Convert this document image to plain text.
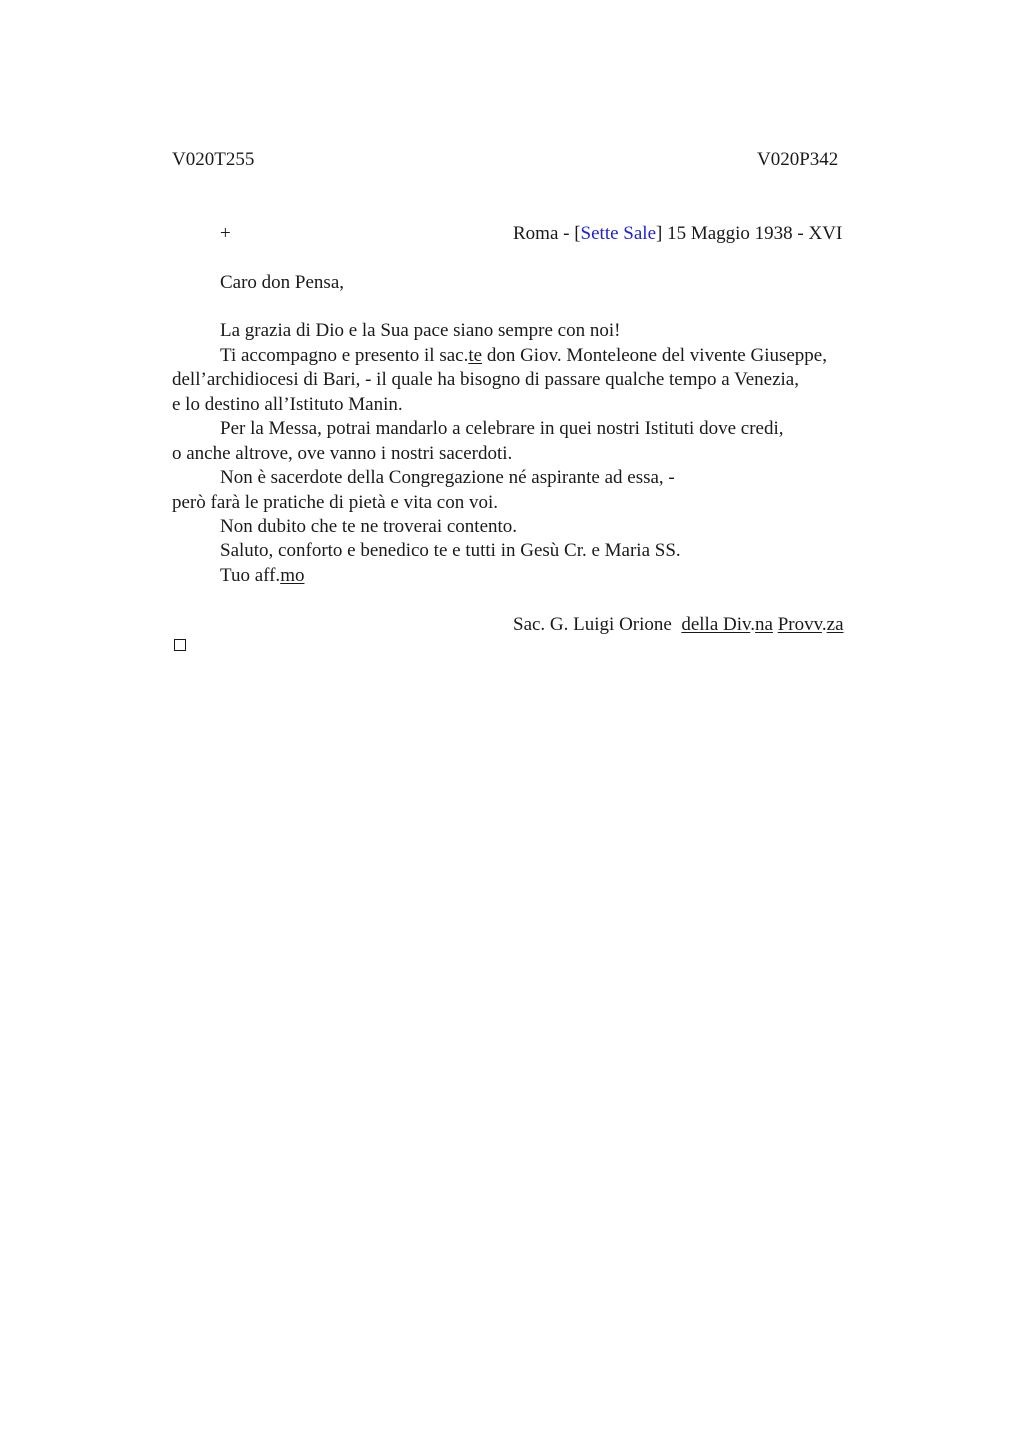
V020T255	V020P342
+	Roma - [Sette Sale] 15 Maggio 1938 - XVI
Caro don Pensa,
La grazia di Dio e la Sua pace siano sempre con noi!
Ti accompagno e presento il sac.te don Giov. Monteleone del vivente Giuseppe,
dell’archidiocesi di Bari, - il quale ha bisogno di passare qualche tempo a Venezia,
e lo destino all’Istituto Manin.
Per la Messa, potrai mandarlo a celebrare in quei nostri Istituti dove credi,
o anche altrove, ove vanno i nostri sacerdoti.
Non è sacerdote della Congregazione né aspirante ad essa, -
però farà le pratiche di pietà e vita con voi.
Non dubito che te ne troverai contento.
Saluto, conforto e benedico te e tutti in Gesù Cr. e Maria SS.
Tuo aff.mo
Sac. G. Luigi Orione della Div.na Provv.za
